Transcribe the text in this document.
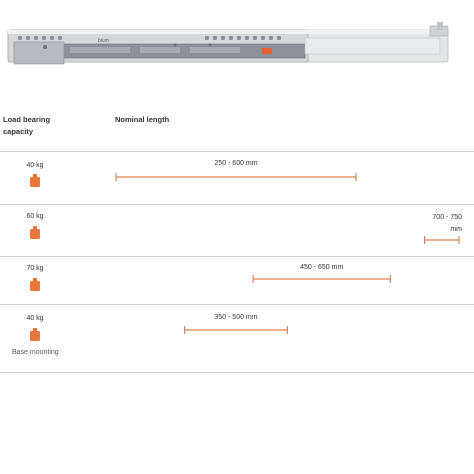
blum
Load bearing
capacity
Nominal length
40 kg
60 kg
70 kg
40 kg
Base mounting
250 - 600 mm
700 - 750 mm
450 - 650 mm
350 - 500 mm
